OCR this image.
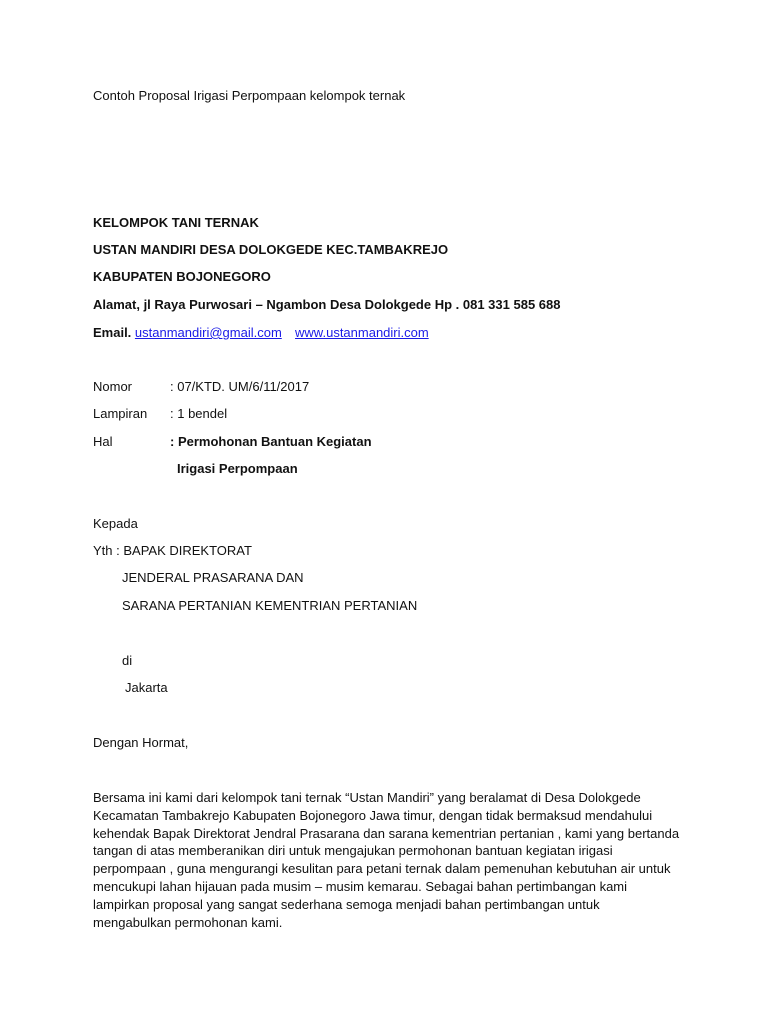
Contoh Proposal Irigasi Perpompaan kelompok ternak
KELOMPOK TANI TERNAK
USTAN MANDIRI DESA DOLOKGEDE KEC.TAMBAKREJO
KABUPATEN BOJONEGORO
Alamat, jl Raya Purwosari – Ngambon Desa Dolokgede Hp . 081 331 585 688
Email. ustanmandiri@gmail.com www.ustanmandiri.com
Nomor	: 07/KTD. UM/6/11/2017
Lampiran : 1 bendel
Hal	: Permohonan Bantuan Kegiatan
Irigasi Perpompaan
Kepada
Yth : BAPAK DIREKTORAT
JENDERAL PRASARANA DAN
SARANA PERTANIAN KEMENTRIAN PERTANIAN
di
Jakarta
Dengan Hormat,
Bersama ini kami dari kelompok tani ternak “Ustan Mandiri” yang beralamat di Desa Dolokgede
Kecamatan Tambakrejo Kabupaten Bojonegoro Jawa timur, dengan tidak bermaksud mendahului
kehendak Bapak Direktorat Jendral Prasarana dan sarana kementrian pertanian , kami yang bertanda
tangan di atas memberanikan diri untuk mengajukan permohonan bantuan kegiatan irigasi
perpompaan , guna mengurangi kesulitan para petani ternak dalam pemenuhan kebutuhan air untuk
mencukupi lahan hijauan pada musim – musim kemarau. Sebagai bahan pertimbangan kami
lampirkan proposal yang sangat sederhana semoga menjadi bahan pertimbangan untuk
mengabulkan permohonan kami.
